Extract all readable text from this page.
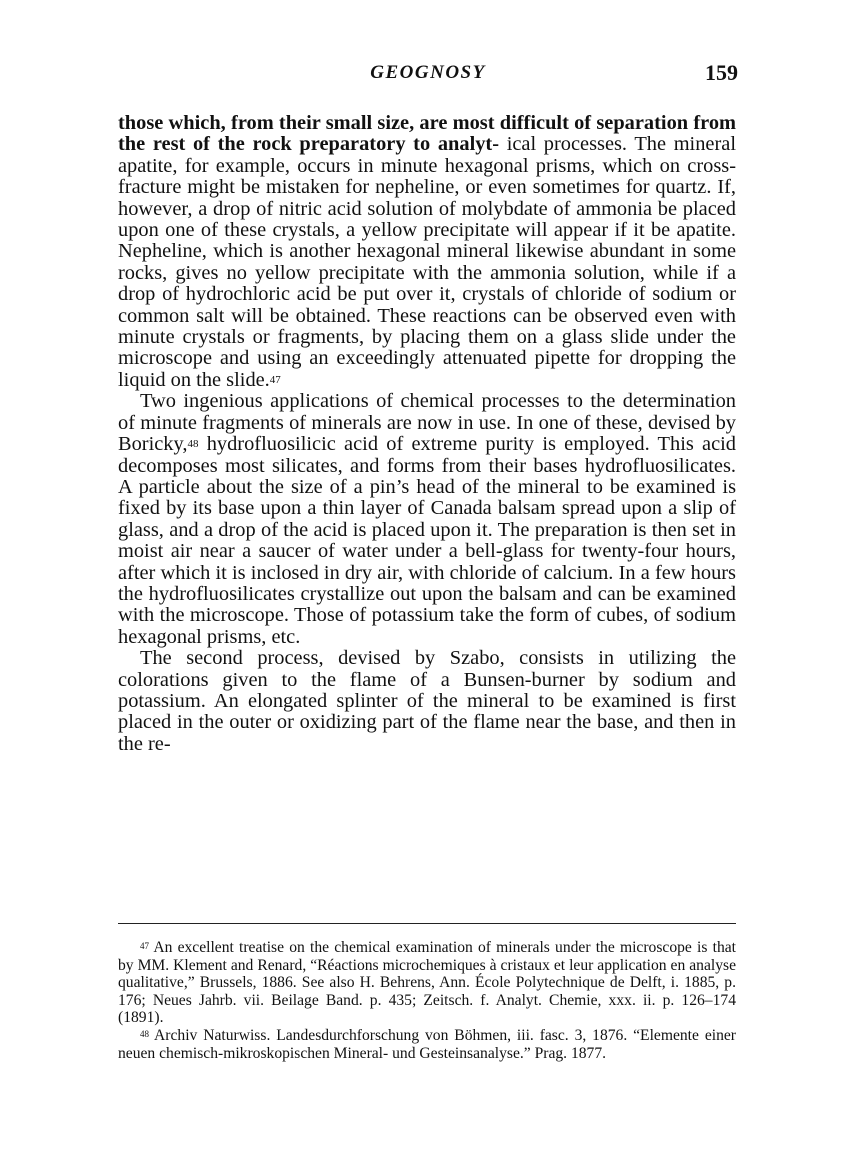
GEOGNOSY	159

those which, from their small size, are most difficult of separation from the rest of the rock preparatory to analyt- ical processes. The mineral apatite, for example, occurs in minute hexagonal prisms, which on cross-fracture might be mistaken for nepheline, or even sometimes for quartz. If, however, a drop of nitric acid solution of molybdate of ammonia be placed upon one of these crystals, a yellow precipitate will appear if it be apatite. Nepheline, which is another hexagonal mineral likewise abundant in some rocks, gives no yellow precipitate with the ammonia solution, while if a drop of hydrochloric acid be put over it, crystals of chloride of sodium or common salt will be obtained. These reactions can be observed even with minute crystals or fragments, by placing them on a glass slide under the microscope and using an exceedingly attenuated pipette for dropping the liquid on the slide.$^{47}$

Two ingenious applications of chemical processes to the determination of minute fragments of minerals are now in use. In one of these, devised by Boricky,$^{48}$ hydrofluosilicic acid of extreme purity is employed. This acid decomposes most silicates, and forms from their bases hydrofluosilicates. A particle about the size of a pin’s head of the mineral to be examined is fixed by its base upon a thin layer of Canada balsam spread upon a slip of glass, and a drop of the acid is placed upon it. The preparation is then set in moist air near a saucer of water under a bell-glass for twenty-four hours, after which it is inclosed in dry air, with chloride of calcium. In a few hours the hydrofluosilicates crystallize out upon the balsam and can be examined with the microscope. Those of potassium take the form of cubes, of sodium hexagonal prisms, etc.

The second process, devised by Szabo, consists in utilizing the colorations given to the flame of a Bunsen-burner by sodium and potassium. An elongated splinter of the mineral to be examined is first placed in the outer or oxidizing part of the flame near the base, and then in the re-

$^{47}$ An excellent treatise on the chemical examination of minerals under the microscope is that by MM. Klement and Renard, “Réactions microchemiques à cristaux et leur application en analyse qualitative,” Brussels, 1886. See also H. Behrens, Ann. École Polytechnique de Delft, i. 1885, p. 176; Neues Jahrb. vii. Beilage Band. p. 435; Zeitsch. f. Analyt. Chemie, xxx. ii. p. 126–174 (1891).

$^{48}$ Archiv Naturwiss. Landesdurchforschung von Böhmen, iii. fasc. 3, 1876. “Elemente einer neuen chemisch-mikroskopischen Mineral- und Gesteinsanalyse.” Prag. 1877.
